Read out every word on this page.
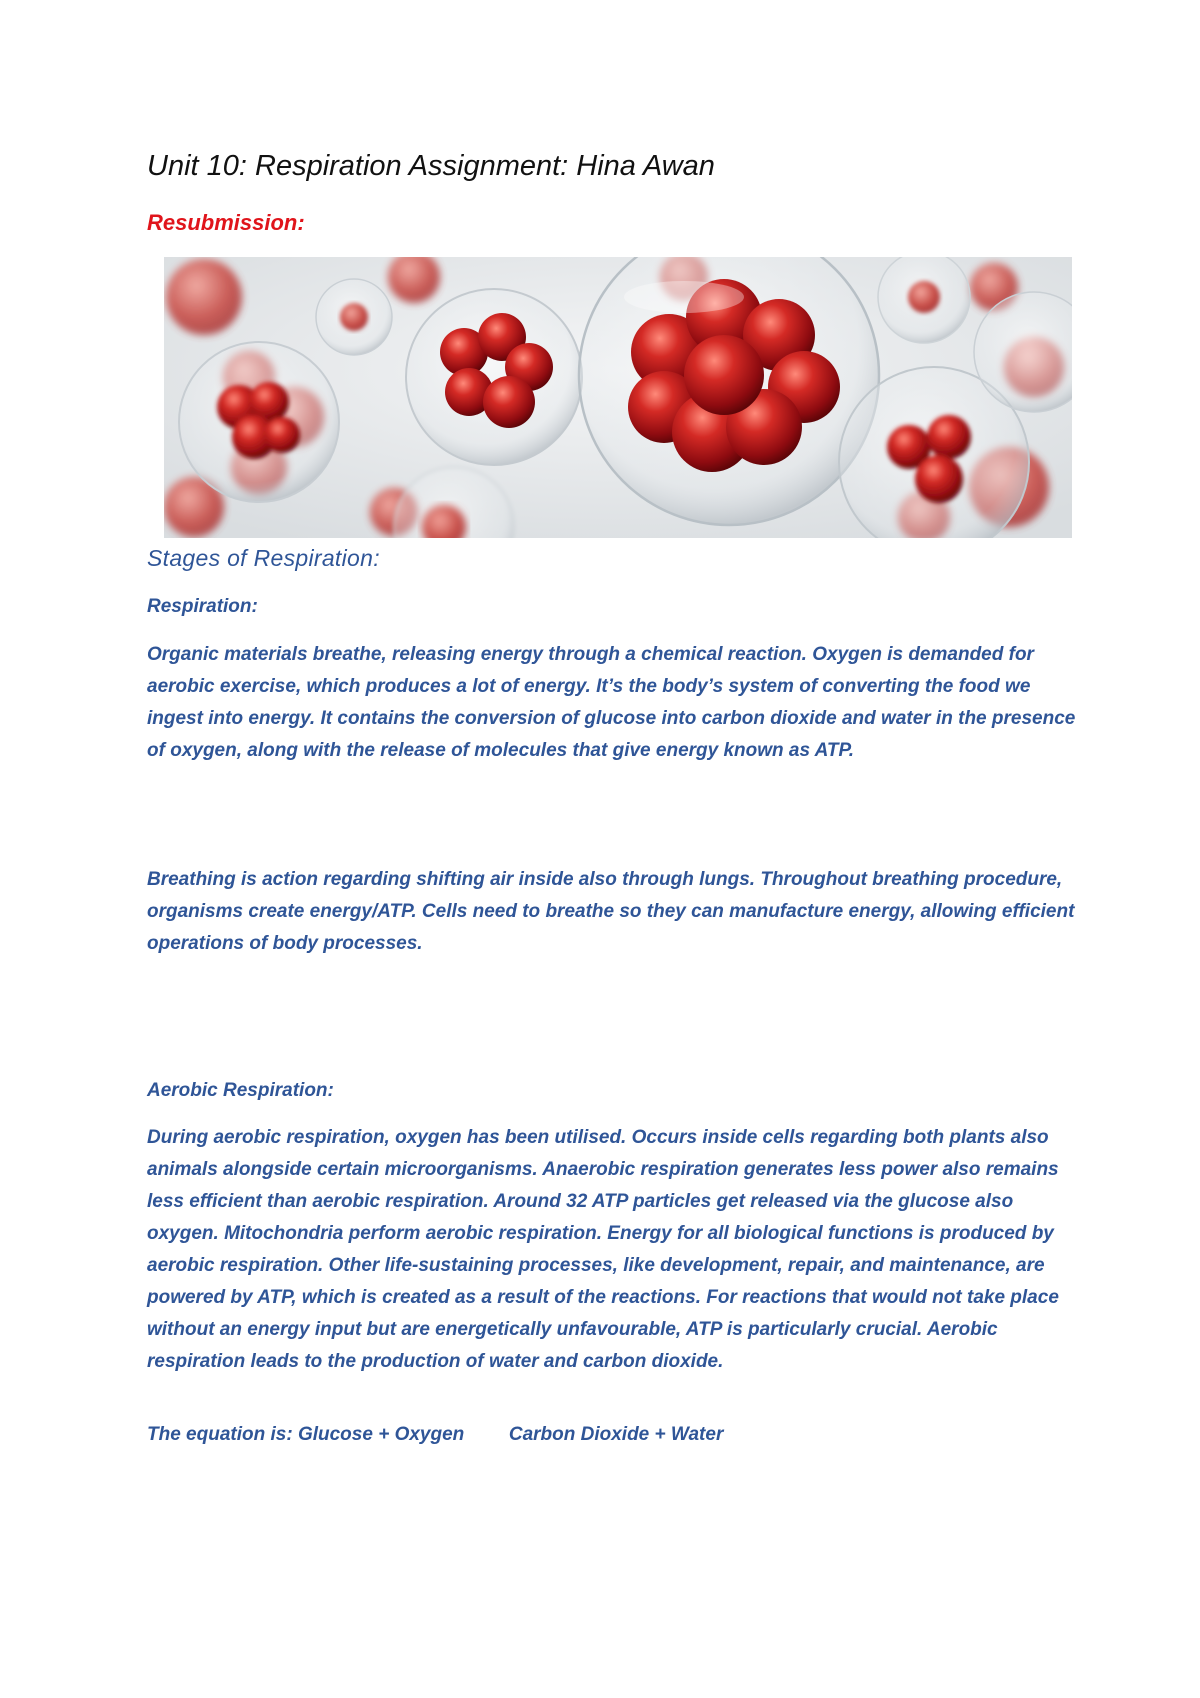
Unit 10: Respiration Assignment: Hina Awan
Resubmission:
Stages of Respiration:
Respiration:

Organic materials breathe, releasing energy through a chemical reaction. Oxygen is demanded for aerobic exercise, which produces a lot of energy. It’s the body’s system of converting the food we ingest into energy. It contains the conversion of glucose into carbon dioxide and water in the presence of oxygen, along with the release of molecules that give energy known as ATP.

Breathing is action regarding shifting air inside also through lungs. Throughout breathing procedure, organisms create energy/ATP. Cells need to breathe so they can manufacture energy, allowing efficient operations of body processes.

Aerobic Respiration:

During aerobic respiration, oxygen has been utilised. Occurs inside cells regarding both plants also animals alongside certain microorganisms. Anaerobic respiration generates less power also remains less efficient than aerobic respiration. Around 32 ATP particles get released via the glucose also oxygen. Mitochondria perform aerobic respiration. Energy for all biological functions is produced by aerobic respiration. Other life-sustaining processes, like development, repair, and maintenance, are powered by ATP, which is created as a result of the reactions. For reactions that would not take place without an energy input but are energetically unfavourable, ATP is particularly crucial. Aerobic respiration leads to the production of water and carbon dioxide.

The equation is: Glucose + Oxygen Carbon Dioxide + Water
